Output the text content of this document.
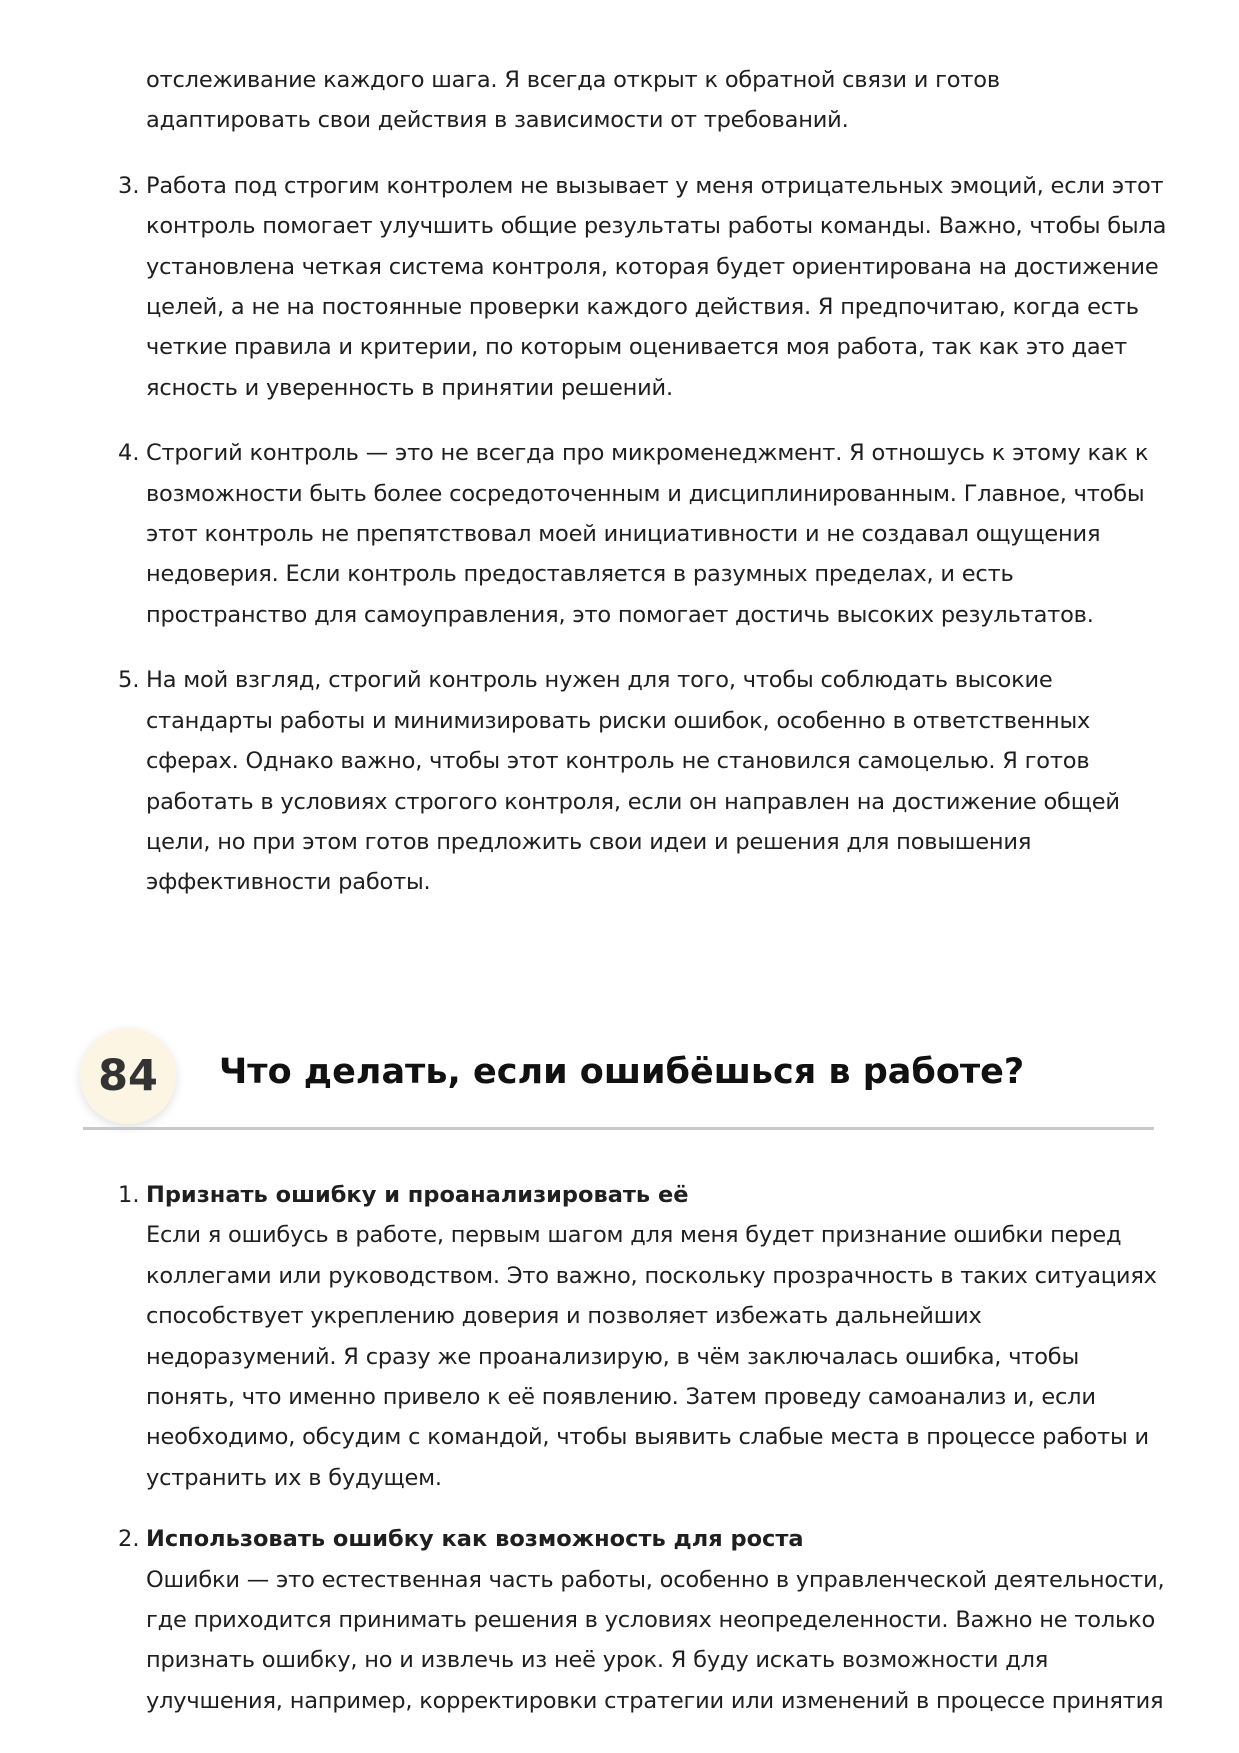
отслеживание каждого шага. Я всегда открыт к обратной связи и готов адаптировать свои действия в зависимости от требований.
3. Работа под строгим контролем не вызывает у меня отрицательных эмоций, если этот контроль помогает улучшить общие результаты работы команды. Важно, чтобы была установлена четкая система контроля, которая будет ориентирована на достижение целей, а не на постоянные проверки каждого действия. Я предпочитаю, когда есть четкие правила и критерии, по которым оценивается моя работа, так как это дает ясность и уверенность в принятии решений.
4. Строгий контроль — это не всегда про микроменеджмент. Я отношусь к этому как к возможности быть более сосредоточенным и дисциплинированным. Главное, чтобы этот контроль не препятствовал моей инициативности и не создавал ощущения недоверия. Если контроль предоставляется в разумных пределах, и есть пространство для самоуправления, это помогает достичь высоких результатов.
5. На мой взгляд, строгий контроль нужен для того, чтобы соблюдать высокие стандарты работы и минимизировать риски ошибок, особенно в ответственных сферах. Однако важно, чтобы этот контроль не становился самоцелью. Я готов работать в условиях строгого контроля, если он направлен на достижение общей цели, но при этом готов предложить свои идеи и решения для повышения эффективности работы.
84	Что делать, если ошибёшься в работе?
1. Признать ошибку и проанализировать её
Если я ошибусь в работе, первым шагом для меня будет признание ошибки перед коллегами или руководством. Это важно, поскольку прозрачность в таких ситуациях способствует укреплению доверия и позволяет избежать дальнейших недоразумений. Я сразу же проанализирую, в чём заключалась ошибка, чтобы понять, что именно привело к её появлению. Затем проведу самоанализ и, если необходимо, обсудим с командой, чтобы выявить слабые места в процессе работы и устранить их в будущем.
2. Использовать ошибку как возможность для роста
Ошибки — это естественная часть работы, особенно в управленческой деятельности, где приходится принимать решения в условиях неопределенности. Важно не только признать ошибку, но и извлечь из неё урок. Я буду искать возможности для улучшения, например, корректировки стратегии или изменений в процессе принятия
